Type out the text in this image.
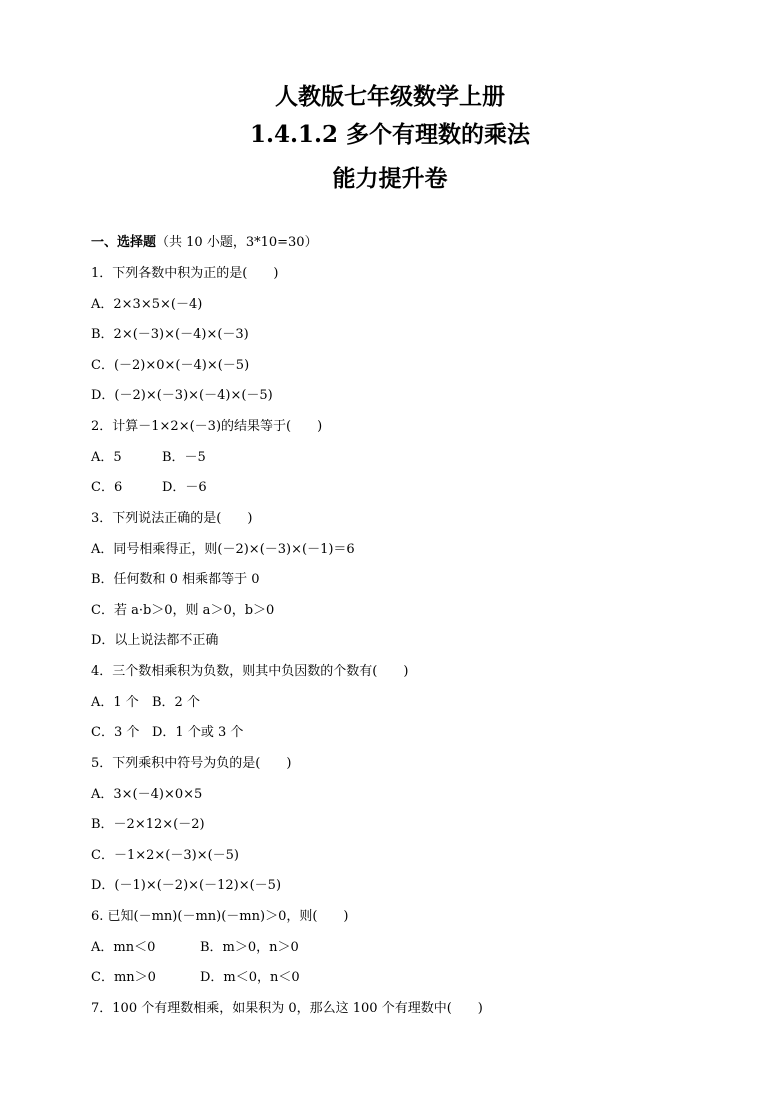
人教版七年级数学上册
1.4.1.2 多个有理数的乘法
能力提升卷
一、选择题（共 10 小题，3*10=30）
1．下列各数中积为正的是(　　)
A．2×3×5×(－4)
B．2×(－3)×(－4)×(－3)
C．(－2)×0×(－4)×(－5)
D．(－2)×(－3)×(－4)×(－5)
2．计算－1×2×(－3)的结果等于(　　)
A．5	B．－5
C．6	D．－6
3．下列说法正确的是(　　)
A．同号相乘得正，则(－2)×(－3)×(－1)＝6
B．任何数和 0 相乘都等于 0
C．若 a·b＞0，则 a＞0，b＞0
D．以上说法都不正确
4．三个数相乘积为负数，则其中负因数的个数有(　　)
A．1 个 B．2 个
C．3 个 D．1 个或 3 个
5．下列乘积中符号为负的是(　　)
A．3×(－4)×0×5
B．－2×12×(－2)
C．－1×2×(－3)×(－5)
D．(－1)×(－2)×(－12)×(－5)
6. 已知(－mn)(－mn)(－mn)＞0，则(　　)
A．mn＜0	B．m＞0，n＞0
C．mn＞0	D．m＜0，n＜0
7．100 个有理数相乘，如果积为 0，那么这 100 个有理数中(　　)
